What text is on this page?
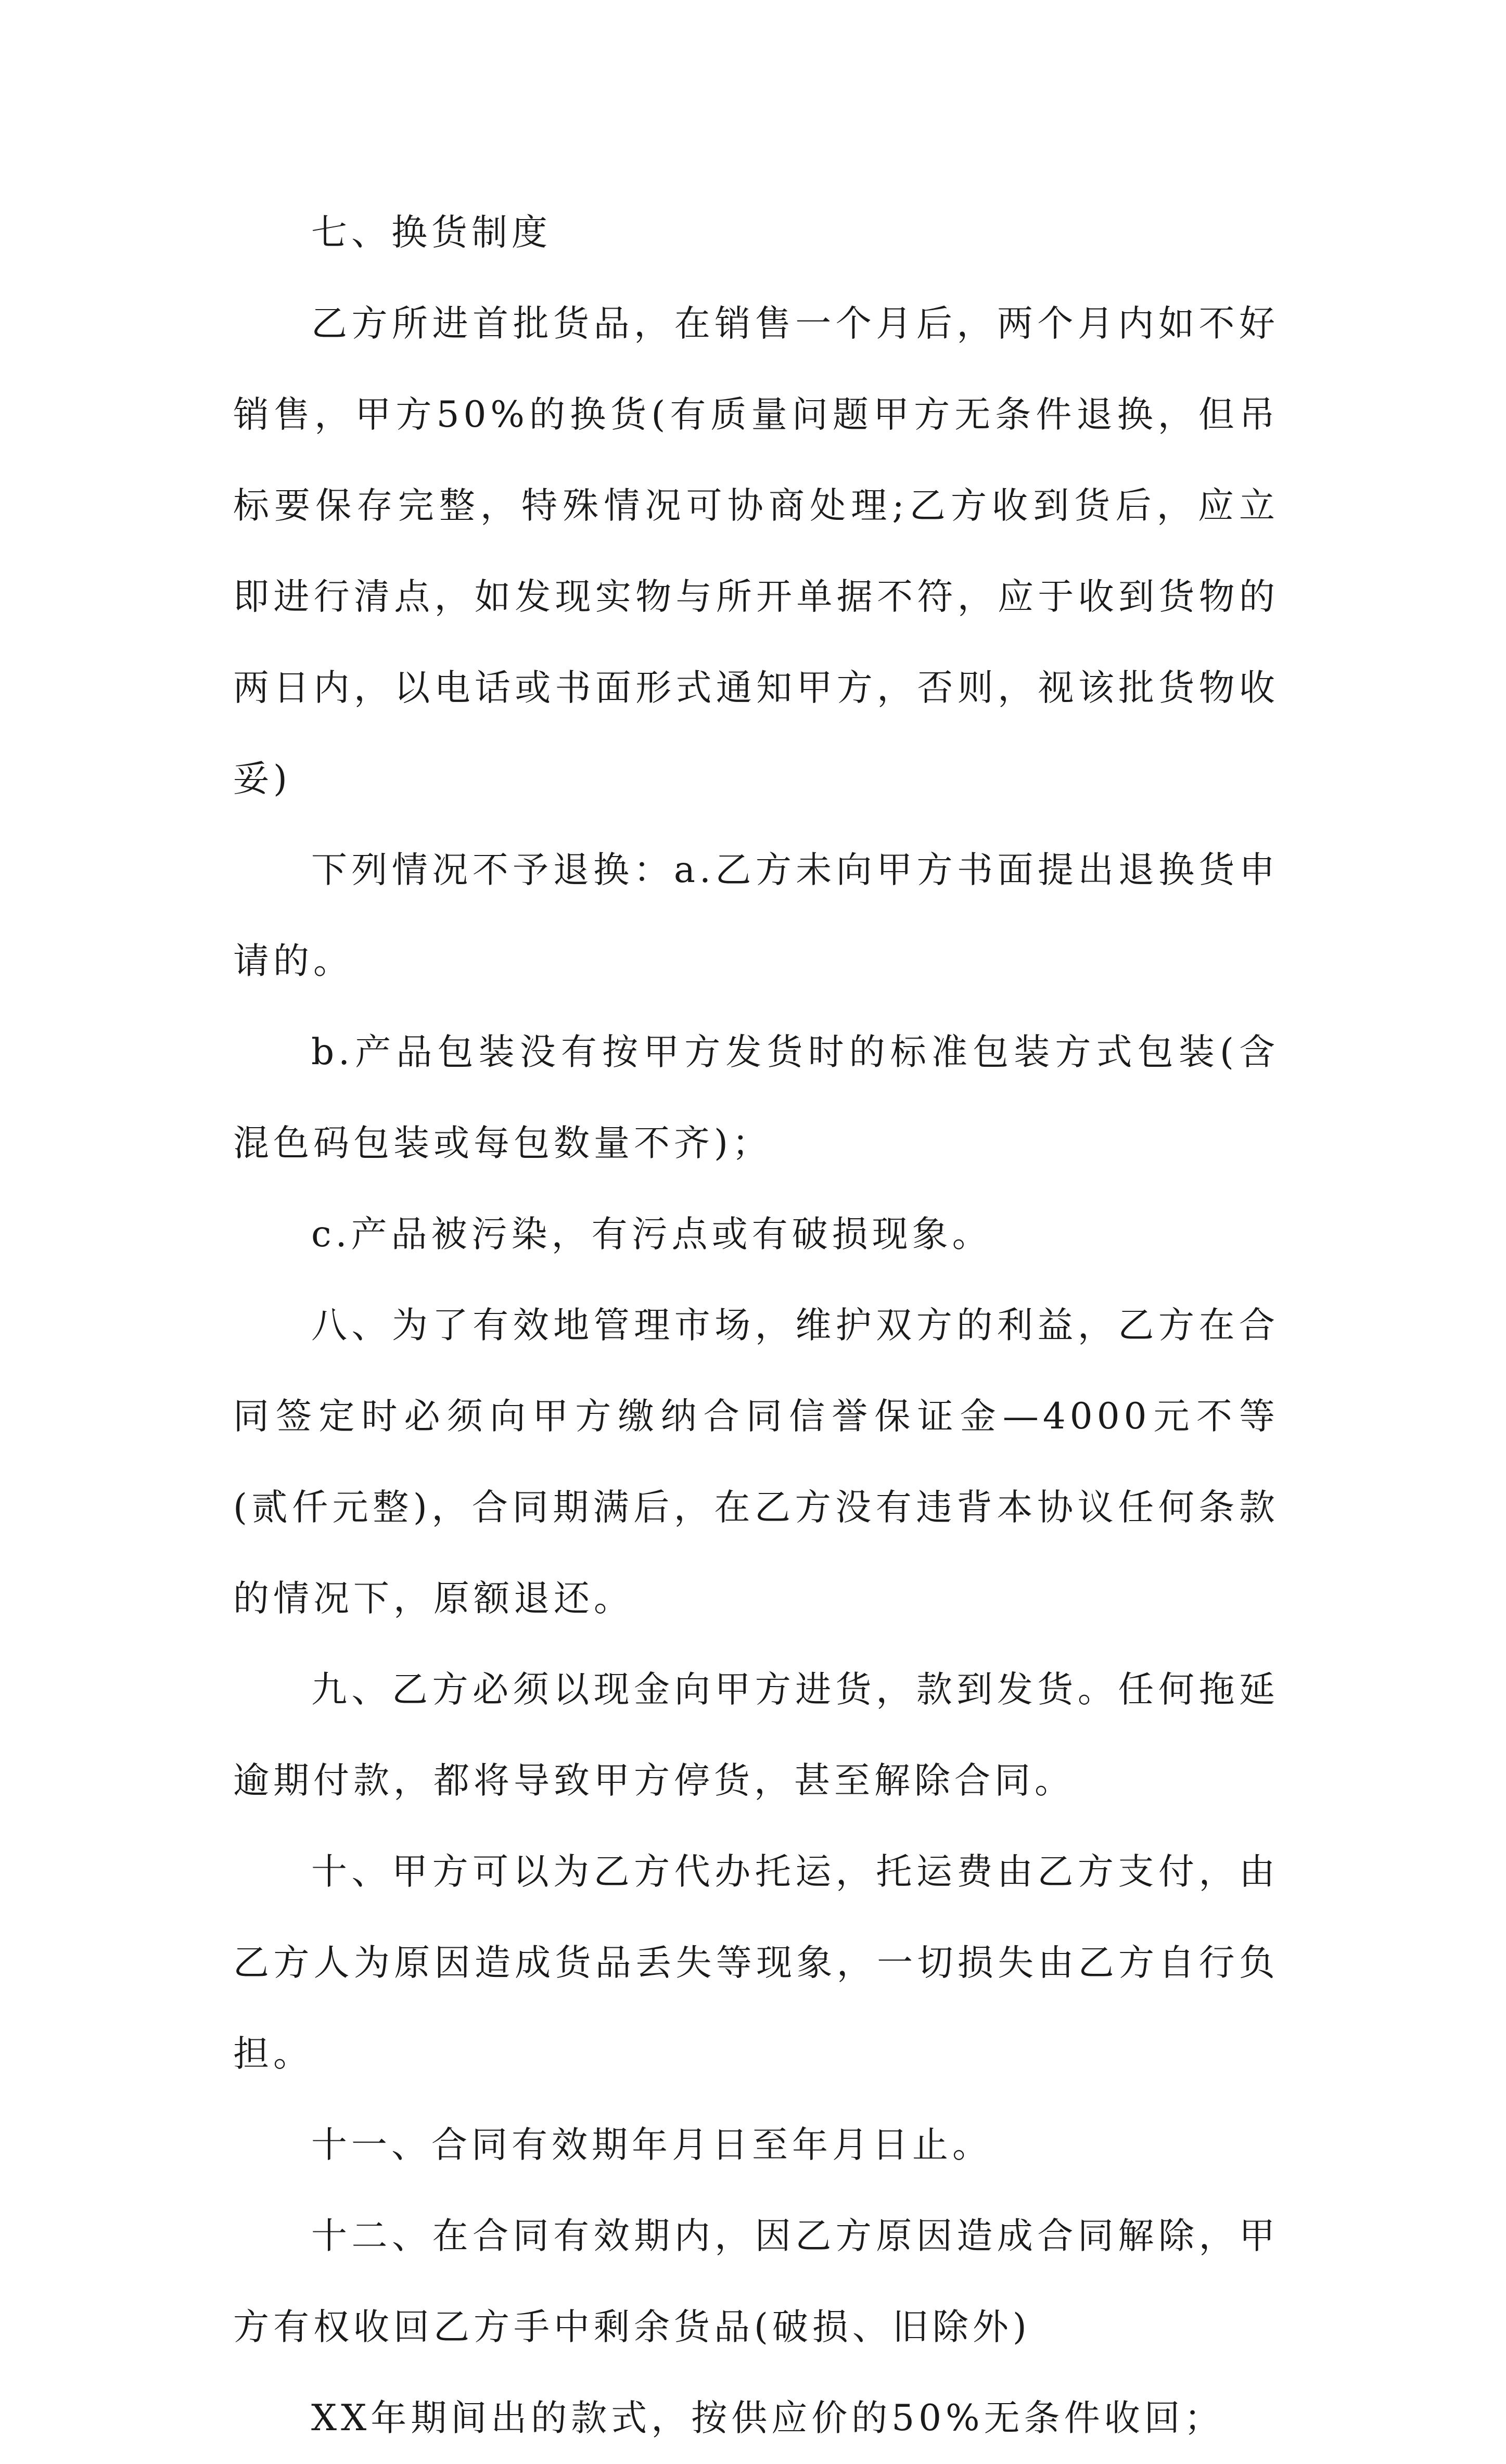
七、换货制度

乙方所进首批货品，在销售一个月后，两个月内如不好销售，甲方50%的换货(有质量问题甲方无条件退换，但吊标要保存完整，特殊情况可协商处理;乙方收到货后，应立即进行清点，如发现实物与所开单据不符，应于收到货物的两日内，以电话或书面形式通知甲方，否则，视该批货物收妥)

下列情况不予退换：a.乙方未向甲方书面提出退换货申请的。

b.产品包装没有按甲方发货时的标准包装方式包装(含混色码包装或每包数量不齐)；

c.产品被污染，有污点或有破损现象。

八、为了有效地管理市场，维护双方的利益，乙方在合同签定时必须向甲方缴纳合同信誉保证金—4000元不等(贰仟元整)，合同期满后，在乙方没有违背本协议任何条款的情况下，原额退还。

九、乙方必须以现金向甲方进货，款到发货。任何拖延逾期付款，都将导致甲方停货，甚至解除合同。

十、甲方可以为乙方代办托运，托运费由乙方支付，由乙方人为原因造成货品丢失等现象，一切损失由乙方自行负担。

十一、合同有效期年月日至年月日止。

十二、在合同有效期内，因乙方原因造成合同解除，甲方有权收回乙方手中剩余货品(破损、旧除外)

XX年期间出的款式，按供应价的50%无条件收回；
